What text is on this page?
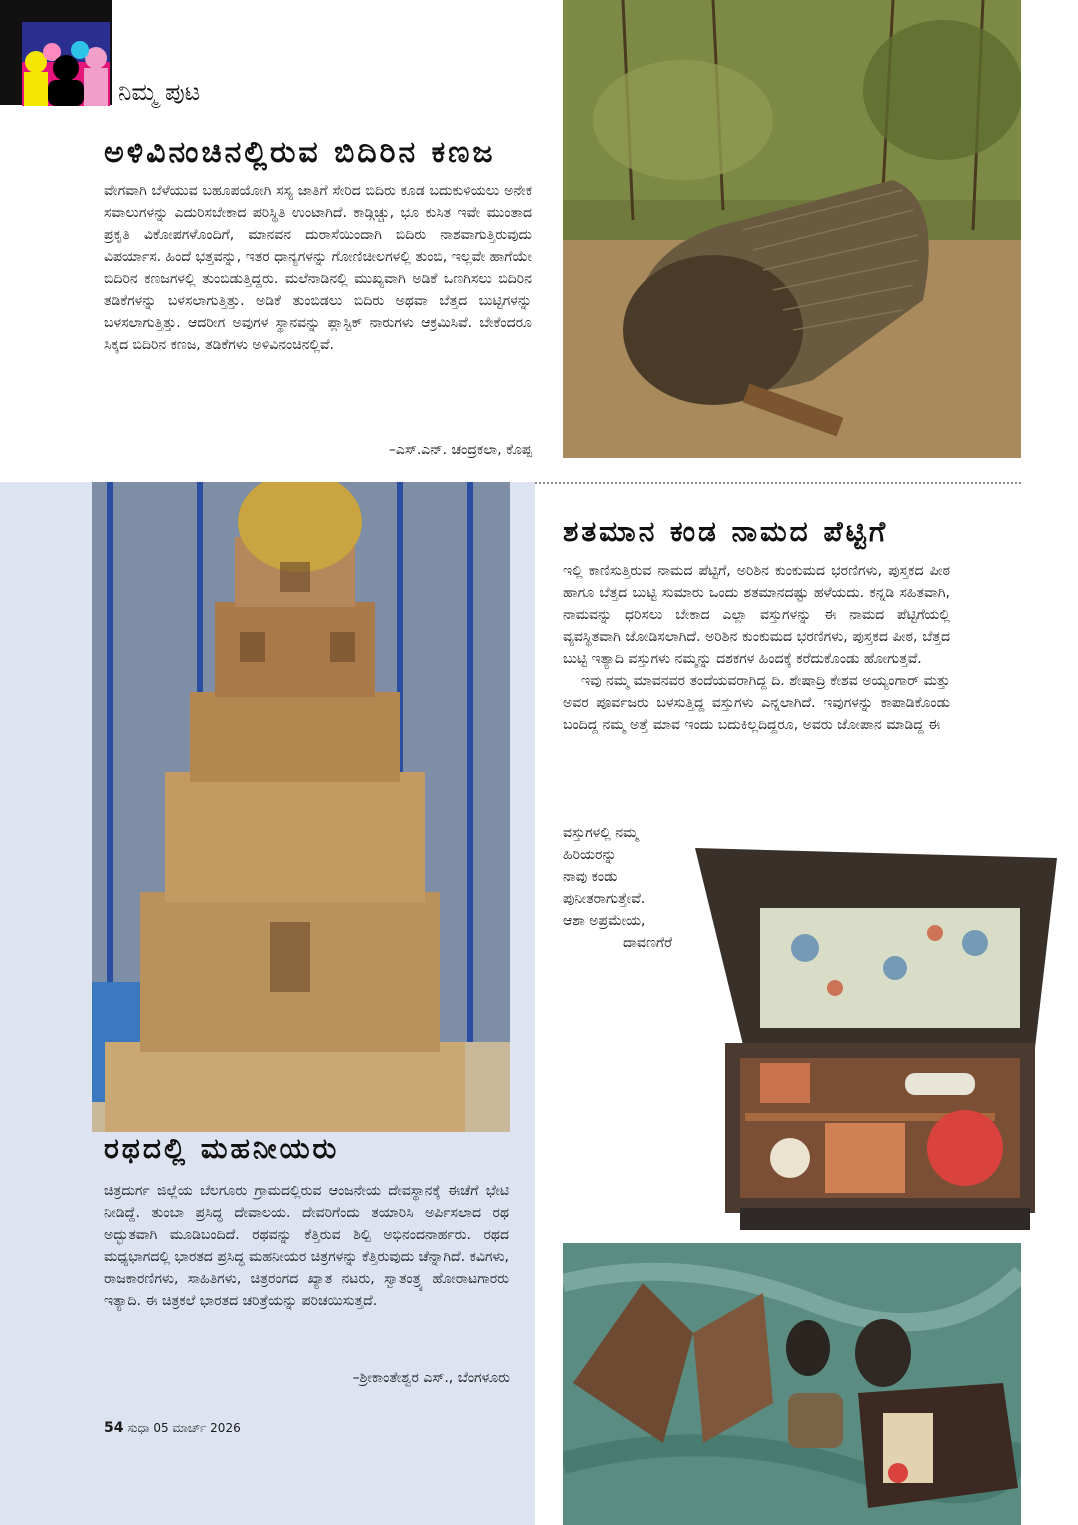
ನಿಮ್ಮ ಪುಟ
ಅಳಿವಿನಂಚಿನಲ್ಲಿರುವ ಬಿದಿರಿನ ಕಣಜ

ವೇಗವಾಗಿ ಬೆಳೆಯುವ ಬಹೂಪಯೋಗಿ ಸಸ್ಯ ಜಾತಿಗೆ ಸೇರಿದ ಬಿದಿರು ಕೂಡ ಬದುಕುಳಿಯಲು ಅನೇಕ ಸವಾಲುಗಳನ್ನು ಎದುರಿಸಬೇಕಾದ ಪರಿಸ್ಥಿತಿ ಉಂಟಾಗಿದೆ. ಕಾಡ್ಗಿಚ್ಚು, ಭೂ ಕುಸಿತ ಇವೇ ಮುಂತಾದ ಪ್ರಕೃತಿ ವಿಕೋಪಗಳೊಂದಿಗೆ, ಮಾನವನ ದುರಾಸೆಯಿಂದಾಗಿ ಬಿದಿರು ನಾಶವಾಗುತ್ತಿರುವುದು ವಿಪರ್ಯಾಸ. ಹಿಂದೆ ಭತ್ತವನ್ನು, ಇತರ ಧಾನ್ಯಗಳನ್ನು ಗೋಣಿಚೀಲಗಳಲ್ಲಿ ತುಂಬಿ, ಇಲ್ಲವೇ ಹಾಗೆಯೇ ಬಿದಿರಿನ ಕಣಜಗಳಲ್ಲಿ ತುಂಬಿಡುತ್ತಿದ್ದರು. ಮಲೆನಾಡಿನಲ್ಲಿ ಮುಖ್ಯವಾಗಿ ಅಡಿಕೆ ಒಣಗಿಸಲು ಬಿದಿರಿನ ತಡಿಕೆಗಳನ್ನು ಬಳಸಲಾಗುತ್ತಿತ್ತು. ಅಡಿಕೆ ತುಂಬಿಡಲು ಬಿದಿರು ಅಥವಾ ಬೆತ್ತದ ಬುಟ್ಟಿಗಳನ್ನು ಬಳಸಲಾಗುತ್ತಿತ್ತು. ಆದರೀಗ ಅವುಗಳ ಸ್ಥಾನವನ್ನು ಪ್ಲಾಸ್ಟಿಕ್ ನಾರುಗಳು ಆಕ್ರಮಿಸಿವೆ. ಬೇಕೆಂದರೂ ಸಿಕ್ಕದ ಬಿದಿರಿನ ಕಣಜ, ತಡಿಕೆಗಳು ಅಳಿವಿನಂಚಿನಲ್ಲಿವೆ.

–ಎಸ್.ಎನ್. ಚಂದ್ರಕಲಾ, ಕೊಪ್ಪ
ರಥದಲ್ಲಿ ಮಹನೀಯರು

ಚಿತ್ರದುರ್ಗ ಜಿಲ್ಲೆಯ ಬೆಲಗೂರು ಗ್ರಾಮದಲ್ಲಿರುವ ಆಂಜನೇಯ ದೇವಸ್ಥಾನಕ್ಕೆ ಈಚೆಗೆ ಭೇಟಿ ನೀಡಿದ್ದೆ. ತುಂಬಾ ಪ್ರಸಿದ್ಧ ದೇವಾಲಯ. ದೇವರಿಗೆಂದು ತಯಾರಿಸಿ ಅರ್ಪಿಸಲಾದ ರಥ ಅದ್ಭುತವಾಗಿ ಮೂಡಿಬಂದಿದೆ. ರಥವನ್ನು ಕೆತ್ತಿರುವ ಶಿಲ್ಪಿ ಅಭಿನಂದನಾರ್ಹರು. ರಥದ ಮಧ್ಯಭಾಗದಲ್ಲಿ ಭಾರತದ ಪ್ರಸಿದ್ಧ ಮಹನೀಯರ ಚಿತ್ರಗಳನ್ನು ಕೆತ್ತಿರುವುದು ಚೆನ್ನಾಗಿದೆ. ಕವಿಗಳು, ರಾಜಕಾರಣಿಗಳು, ಸಾಹಿತಿಗಳು, ಚಿತ್ರರಂಗದ ಖ್ಯಾತ ನಟರು, ಸ್ವಾತಂತ್ರ್ಯ ಹೋರಾಟಗಾರರು ಇತ್ಯಾದಿ. ಈ ಚಿತ್ರಕಲೆ ಭಾರತದ ಚರಿತ್ರೆಯನ್ನು ಪರಿಚಯಿಸುತ್ತದೆ.

–ಶ್ರೀಕಾಂತೇಶ್ವರ ಎಸ್., ಬೆಂಗಳೂರು
ಶತಮಾನ ಕಂಡ ನಾಮದ ಪೆಟ್ಟಿಗೆ

ಇಲ್ಲಿ ಕಾಣಿಸುತ್ತಿರುವ ನಾಮದ ಪೆಟ್ಟಿಗೆ, ಅರಿಶಿನ ಕುಂಕುಮದ ಭರಣಿಗಳು, ಪುಸ್ತಕದ ಪೀಠ ಹಾಗೂ ಬೆತ್ತದ ಬುಟ್ಟಿ ಸುಮಾರು ಒಂದು ಶತಮಾನದಷ್ಟು ಹಳೆಯದು. ಕನ್ನಡಿ ಸಹಿತವಾಗಿ, ನಾಮವನ್ನು ಧರಿಸಲು ಬೇಕಾದ ಎಲ್ಲಾ ವಸ್ತುಗಳನ್ನು ಈ ನಾಮದ ಪೆಟ್ಟಿಗೆಯಲ್ಲಿ ವ್ಯವಸ್ಥಿತವಾಗಿ ಜೋಡಿಸಲಾಗಿದೆ. ಅರಿಶಿನ ಕುಂಕುಮದ ಭರಣಿಗಳು, ಪುಸ್ತಕದ ಪೀಠ, ಬೆತ್ತದ ಬುಟ್ಟಿ ಇತ್ಯಾದಿ ವಸ್ತುಗಳು ನಮ್ಮನ್ನು ದಶಕಗಳ ಹಿಂದಕ್ಕೆ ಕರೆದುಕೊಂಡು ಹೋಗುತ್ತವೆ.

ಇವು ನಮ್ಮ ಮಾವನವರ ತಂದೆಯವರಾಗಿದ್ದ ದಿ. ಶೇಷಾದ್ರಿ ಕೇಶವ ಅಯ್ಯಂಗಾರ್ ಮತ್ತು ಅವರ ಪೂರ್ವಜರು ಬಳಸುತ್ತಿದ್ದ ವಸ್ತುಗಳು ಎನ್ನಲಾಗಿದೆ. ಇವುಗಳನ್ನು ಕಾಪಾಡಿಕೊಂಡು ಬಂದಿದ್ದ ನಮ್ಮ ಅತ್ತೆ ಮಾವ ಇಂದು ಬದುಕಿಲ್ಲದಿದ್ದರೂ, ಅವರು ಜೋಪಾನ ಮಾಡಿದ್ದ ಈ

ವಸ್ತುಗಳಲ್ಲಿ ನಮ್ಮ

ಹಿರಿಯರನ್ನು

ನಾವು ಕಂಡು

ಪುನೀತರಾಗುತ್ತೇವೆ.

ಆಶಾ ಅಪ್ರಮೇಯ,

ದಾವಣಗೆರೆ

54 ಸುಧಾ 05 ಮಾರ್ಚ್ 2026
